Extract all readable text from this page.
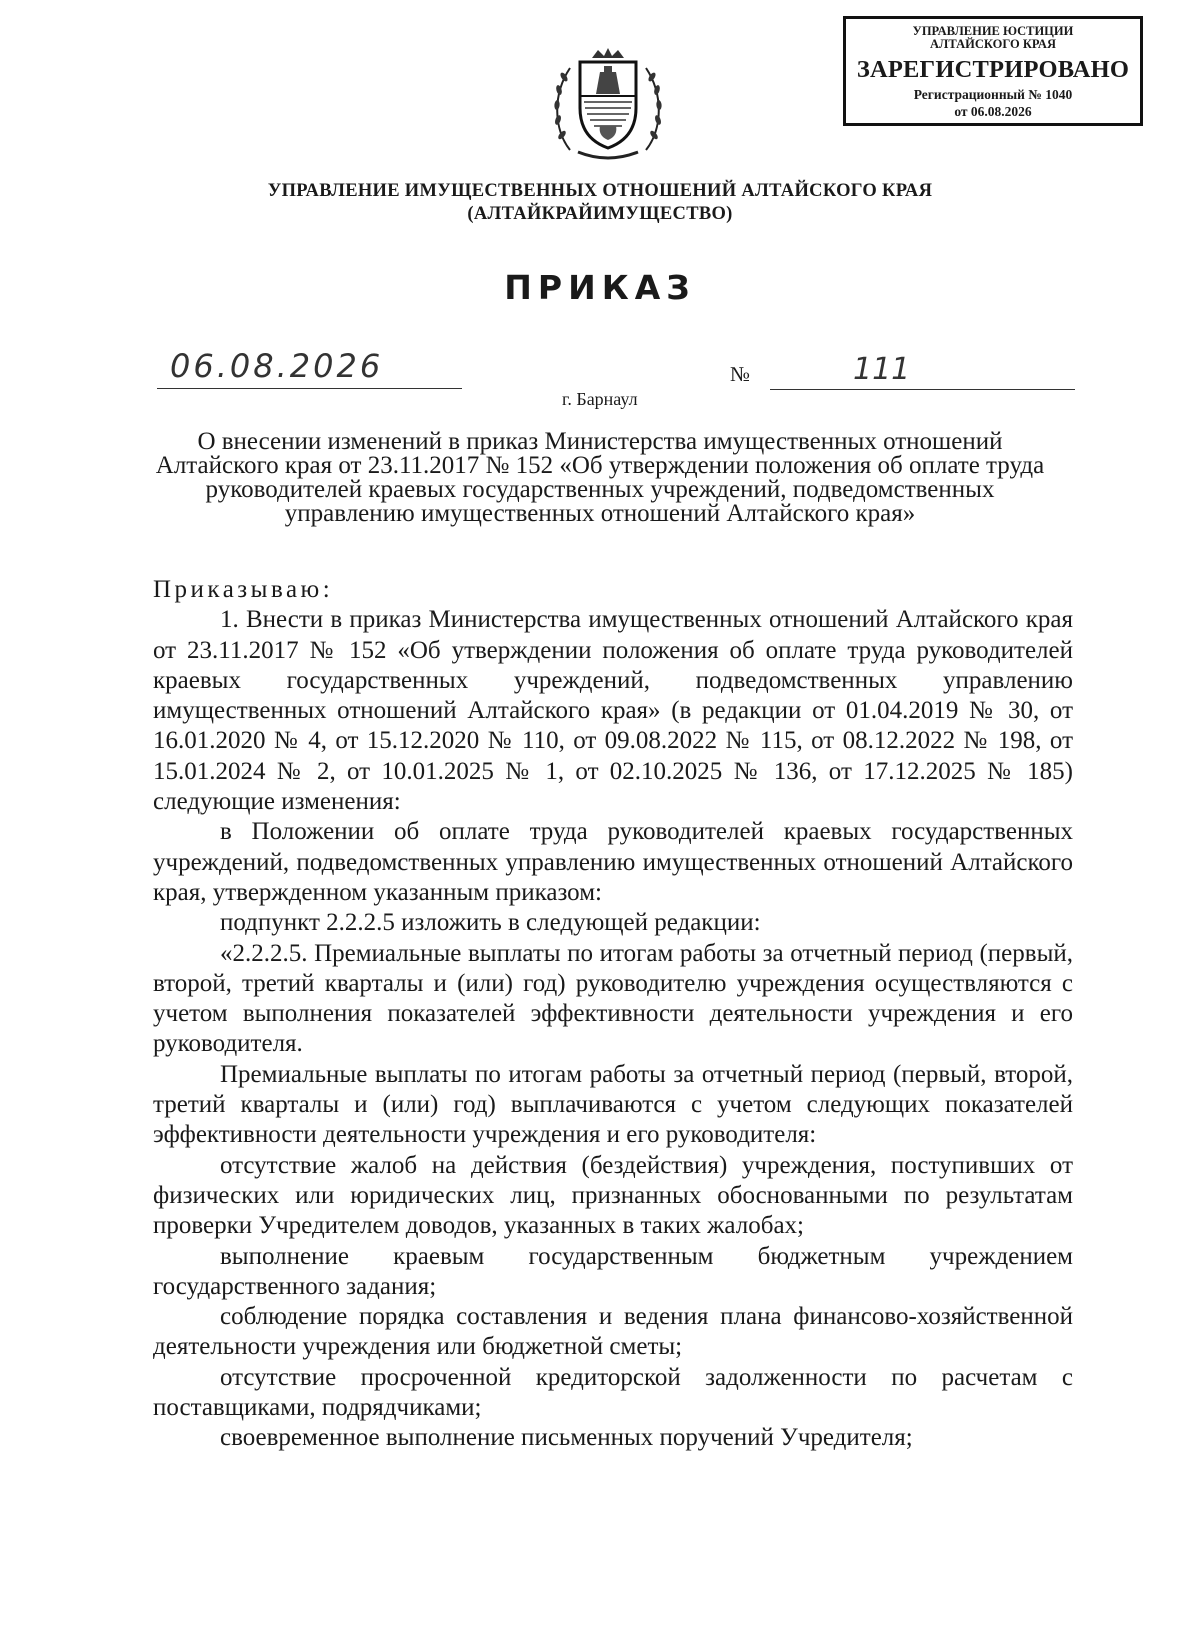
УПРАВЛЕНИЕ ЮСТИЦИИ
АЛТАЙСКОГО КРАЯ
ЗАРЕГИСТРИРОВАНО
Регистрационный № 1040
от 06.08.2026
УПРАВЛЕНИЕ ИМУЩЕСТВЕННЫХ ОТНОШЕНИЙ АЛТАЙСКОГО КРАЯ
(АЛТАЙКРАЙИМУЩЕСТВО)
ПРИКАЗ
06.08.2026	№	111
г. Барнаул
О внесении изменений в приказ Министерства имущественных отношений Алтайского края от 23.11.2017 № 152 «Об утверждении положения об оплате труда руководителей краевых государственных учреждений, подведомственных управлению имущественных отношений Алтайского края»

Приказываю:

1. Внести в приказ Министерства имущественных отношений Алтайского края от 23.11.2017 № 152 «Об утверждении положения об оплате труда руководителей краевых государственных учреждений, подведомственных управлению имущественных отношений Алтайского края» (в редакции от 01.04.2019 № 30, от 16.01.2020 № 4, от 15.12.2020 № 110, от 09.08.2022 № 115, от 08.12.2022 № 198, от 15.01.2024 № 2, от 10.01.2025 № 1, от 02.10.2025 № 136, от 17.12.2025 № 185) следующие изменения:

в Положении об оплате труда руководителей краевых государственных учреждений, подведомственных управлению имущественных отношений Алтайского края, утвержденном указанным приказом:

подпункт 2.2.2.5 изложить в следующей редакции:

«2.2.2.5. Премиальные выплаты по итогам работы за отчетный период (первый, второй, третий кварталы и (или) год) руководителю учреждения осуществляются с учетом выполнения показателей эффективности деятельности учреждения и его руководителя.

Премиальные выплаты по итогам работы за отчетный период (первый, второй, третий кварталы и (или) год) выплачиваются с учетом следующих показателей эффективности деятельности учреждения и его руководителя:

отсутствие жалоб на действия (бездействия) учреждения, поступивших от физических или юридических лиц, признанных обоснованными по результатам проверки Учредителем доводов, указанных в таких жалобах;

выполнение краевым государственным бюджетным учреждением государственного задания;

соблюдение порядка составления и ведения плана финансово-хозяйственной деятельности учреждения или бюджетной сметы;

отсутствие просроченной кредиторской задолженности по расчетам с поставщиками, подрядчиками;

своевременное выполнение письменных поручений Учредителя;
